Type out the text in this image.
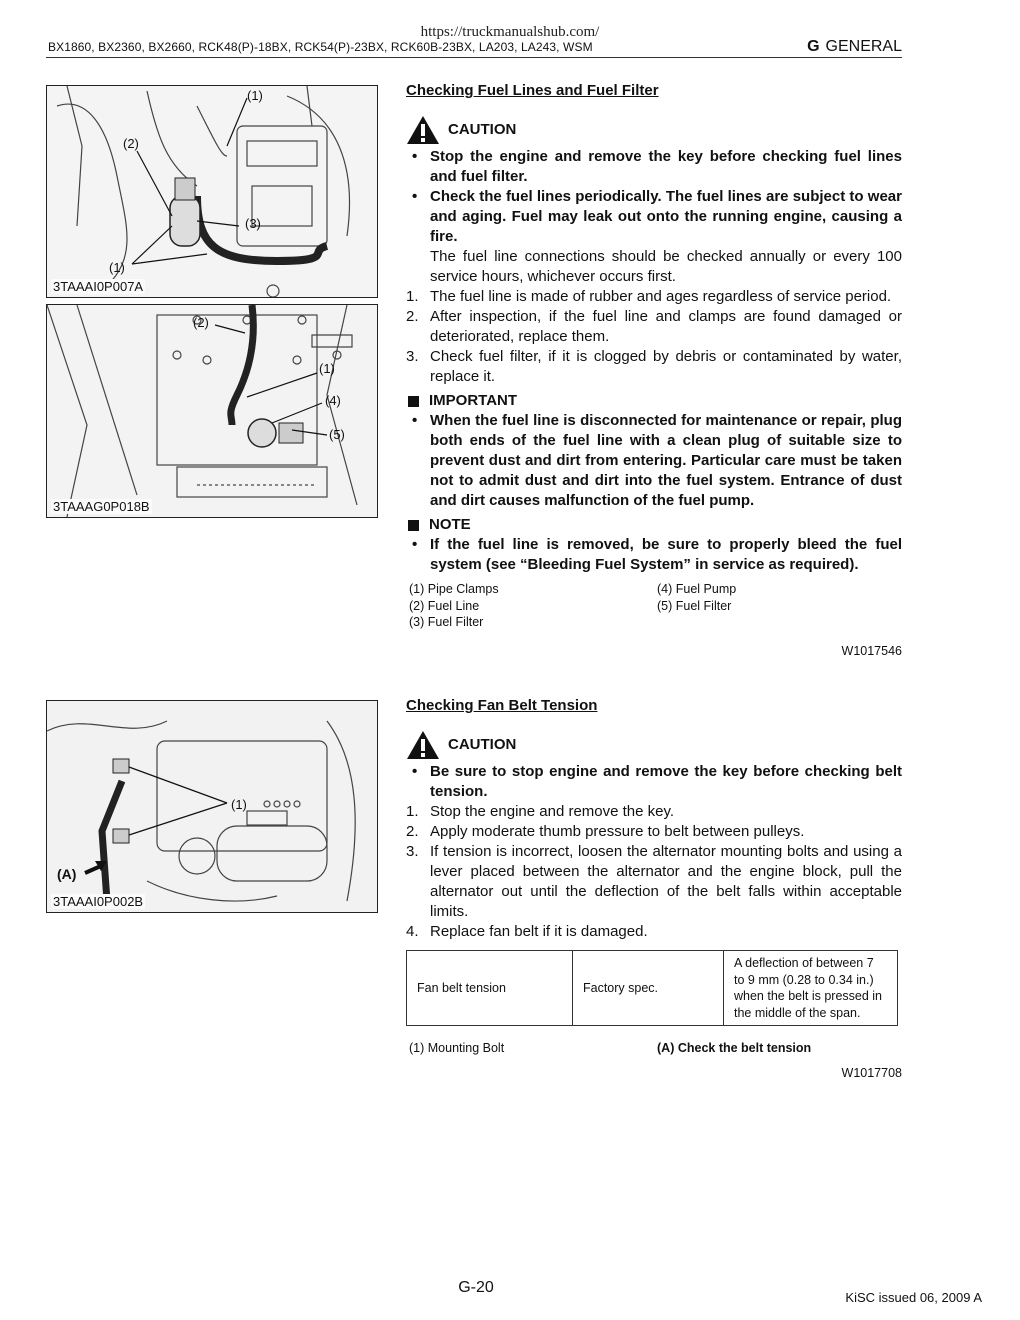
https://truckmanualshub.com/
BX1860, BX2360, BX2660, RCK48(P)-18BX, RCK54(P)-23BX, RCK60B-23BX, LA203, LA243, WSM	G GENERAL
(1)
(2)
(3)
(1)
3TAAAI0P007A
(2)
(1)
(4)
(5)
3TAAAG0P018B
(1)
(A)
3TAAAI0P002B
Checking Fuel Lines and Fuel Filter
CAUTION
• Stop the engine and remove the key before checking fuel lines and fuel filter.
• Check the fuel lines periodically. The fuel lines are subject to wear and aging. Fuel may leak out onto the running engine, causing a fire.
The fuel line connections should be checked annually or every 100 service hours, whichever occurs first.
1. The fuel line is made of rubber and ages regardless of service period.
2. After inspection, if the fuel line and clamps are found damaged or deteriorated, replace them.
3. Check fuel filter, if it is clogged by debris or contaminated by water, replace it.
IMPORTANT
• When the fuel line is disconnected for maintenance or repair, plug both ends of the fuel line with a clean plug of suitable size to prevent dust and dirt from entering. Particular care must be taken not to admit dust and dirt into the fuel system. Entrance of dust and dirt causes malfunction of the fuel pump.
NOTE
• If the fuel line is removed, be sure to properly bleed the fuel system (see “Bleeding Fuel System” in service as required).
(1) Pipe Clamps	(4) Fuel Pump
(2) Fuel Line	(5) Fuel Filter
(3) Fuel Filter
W1017546
Checking Fan Belt Tension
CAUTION
• Be sure to stop engine and remove the key before checking belt tension.
1. Stop the engine and remove the key.
2. Apply moderate thumb pressure to belt between pulleys.
3. If tension is incorrect, loosen the alternator mounting bolts and using a lever placed between the alternator and the engine block, pull the alternator out until the deflection of the belt falls within acceptable limits.
4. Replace fan belt if it is damaged.
Fan belt tension	Factory spec.	A deflection of between 7 to 9 mm (0.28 to 0.34 in.) when the belt is pressed in the middle of the span.
(1) Mounting Bolt	(A) Check the belt tension
W1017708
G-20
KiSC issued 06, 2009 A
